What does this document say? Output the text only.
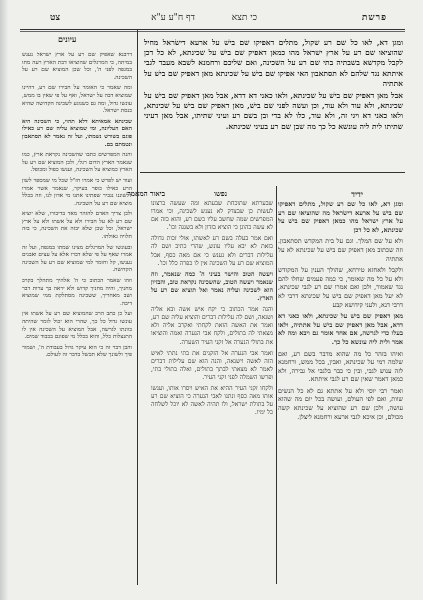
פרשת
כי תצא
דף ח"ע ע"א
צט
עיונים
ידיד
נפשו
ביאור המאמר

ומגן דא, לאו כל שם רע שקול, מתלים דאפיקו שם בישׁ על ארעא דישׂראל מחיל שהוציאו שם רע על ארץ ישראל מהו כמאן דאפיק שם בישׁ על שכינתא, לא כל דכן לקבל מקדשא בשבתיה בתי שם רע על השכינה, ואם שליכם ורחמנא לשבא מעבד לגבי איתתא נגד שלהם לא תסתאבון האי אפיקו שם בישׁ על שכינתא מאן דאפיק שם בישׁ על אתתיה

אבל מאן דאפיק שם בישׁ על שכינתא, ולאו כאני דא דדא, אבל מאן דאפיק שם בישׁ על שכינתא, ולא עוד ולא עוד, וכן ועשה לפני שם בישׁ, מאן דאפיק שם בישׁ על שכינתא, ולאו כאני דא ויגי זה, ולא עוד, כלו לא בדי ובן בשם רע ועיני שתיתו, אבל מאן דעיני שתיתו לית ליה עונשא כל כך מה שבן שם רע בעיני שכינתא.

ומגן דא, לאו כל שם רע שקול, מתלים דאפיקו שם בישׁ על ארעא דישׂראל מה שהוציאו שם רע על ארץ ישראל מהו כמאן דאפיק שם בישׁ על שכינתא, לא כל דכן

ולא על שם המלך. וגם על בית המקדש תסתאבון. וזה שכתוב מאן דאפיק שם בישׁ על שכינתא לא על אתתיה

ולקבל ולאחזא טירחא, שהולך הענין על המקודש ולא על כל מה שאומר, כי כמה פעמים שחלו להם נגד שאמור, ולכן ואם אמרו שם רע לגבי שכינתא, לא יעל מאן דאפיק שם בישׁ על שכינתא דרבי לא דרבי דנא, ולעני קידושא קבע

מאן דאפיק שם בישׁ על שכינתא, ולאו כאני דא דדא, אבל מאן דאפיק שם בישׁ על אתתיה, ולאו בעלו כדי לגרשה, אם אחד אומר גם ויבא ומה לא אמר ולית ליה עונשא כל כך.

ואיהו בזהר כל מה שהוא מדבר בשם רע, ואם שלמה רמי על שכינתא, ואבין, בכל ממש, ורחמנא לזה ענוש לגבי, ובין כי כבר בלגבי אל גבירה, ולא כמאן דאמר שאין שם רע לגבי איתתא.

ואמר רבי יוסי ולא על אתתא גם לא כל הנשים שוות, ואם לפי העולם, ועושה בכל יום מה שהוא עושה, ולכן שם רע שהוציא על שכינתא קשה מכולם, וכן איכא לגבי ארעא ורחמנא ליצלן.

שבערתא שתוכחת שבעתא ומה שעשה ברצונו לעשות כן שבצדק לא נענש לשכינה, וכי אמרו המפרשים שמה שחשב עליו כשם רע, והוא כזה אם לא עשה כהוגן כי הוציא בזדון ולא בשגגה וכו'.

ואם אמר בעלה בשם רע לאשתו, אולי זכות גדולה כזאת לא יבא עליו עונש, שהרי כתיב ושם לה עלילות דברים ולא נענש כי אם מאה כסף, אבל המוציא שם רע על השכינה אין לו כפרה כלל וכו'.

ויעשה הטוב והישר בעיני ה' כמה שנאמר, וזה שנאמר ויעשה הטוב, שהשכינה נקראת טוב, והבזיון הוא לשכינה ועליה נאמר ואל תוציא שם רע על הארץ.

והנה אמר הכתוב כי יקח איש אשה ובא אליה ושנאה, ושם לה עלילות דברים והוציא עליה שם רע, ואמר את האשה הזאת לקחתי ואקרב אליה ולא מצאתי לה בתולים, ולקח אבי הנערה ואמה והוציאו את בתולי הנערה אל זקני העיר השערה.

ואמר אבי הנערה אל הזקנים את בתי נתתי לאיש הזה לאשה וישנאה, והנה הוא שם עלילות דברים לאמר לא מצאתי לבתך בתולים, ואלה בתולי בתי, ופרשו השמלה לפני זקני העיר.

ולקחו זקני העיר ההיא את האיש ויסרו אותו, וענשו אותו מאה כסף ונתנו לאבי הנערה כי הוציא שם רע על בתולת ישראל, ולו תהיה לאשה לא יוכל לשלחה כל ימיו.

דרבנא שאפיק שם רע על ארץ ישראל נענש במיתה, כי המרגלים שהוציאו דבת הארץ רעה מתו במגפה לפני ה', וכל שכן המוציא שם רע על השכינה.

ומה שאמר כי האומר על חבירו שם רע, דהיינו שמוציא דבה על ישראל, ואף על פי שאין בו ממש, עונשו גדול, ומה גם כשנוגע לשכינה הקדושה שהיא כנסת ישראל.

שכינתא אמאיתא דלא תהוי, כי השכינה היא האם העליונה, ומי שמוציא עליה שם רע כאילו פוגם בשורש נשמתו, ועל זה נאמר לא תסתאבון ונטמתם בם.

והנה המפרשים כתבו שהשכינה נקראת ארץ, כמו שנאמר הארץ הדום רגלי, ולכן המוציא שם רע על הארץ כמוציא על השכינה, וענשו כפול ומכופל.

ועוד יש לפרש כי אמרו חז"ל שכל מי שמספר לשון הרע כאילו כופר בעיקר, שנאמר אשר אמרו ללשוננו נגביר שפתינו אתנו מי אדון לנו, וזה בכלל מוציא שם רע על השכינה.

ולכן צריך האדם להזהר מאד בדיבורו, שלא יוציא שם רע לא על חבירו ולא על אשתו ולא על ארץ ישראל, וכל שכן שלא יבזה את השכינה, כי בזה תלויה גאולתו.

ובעונשו של המרגלים מצינו שמתו במגפה, ועל זה אמרו שאף על פי שלא דברו אלא על עצים ואבנים נענשו, קל וחומר למי שמוציא שם רע על השכינה הקדושה.

וזהו שאמר הכתוב כי ה' אלהיך מתהלך בקרב מחניך, והיה מחניך קדוש ולא יראה בך ערות דבר ושב מאחריך, ששכינה מסתלקת ממי שמוציא דיבה.

ועל כן כתב הרב שהמוציא שם רע על אשתו אין עונשו גדול כל כך, שהרי הוא יכול לומר שהיתה כוונתו לגרשה, אבל המוציא על השכינה אין לו התנצלות כלל, והוא בכלל מי שפוגם בכבוד שמים.

והבן דבר זה כי הוא עיקר גדול בעבודת ה', ושמור פיך ולשונך שלא תכשל בדבר זה לעולם.
